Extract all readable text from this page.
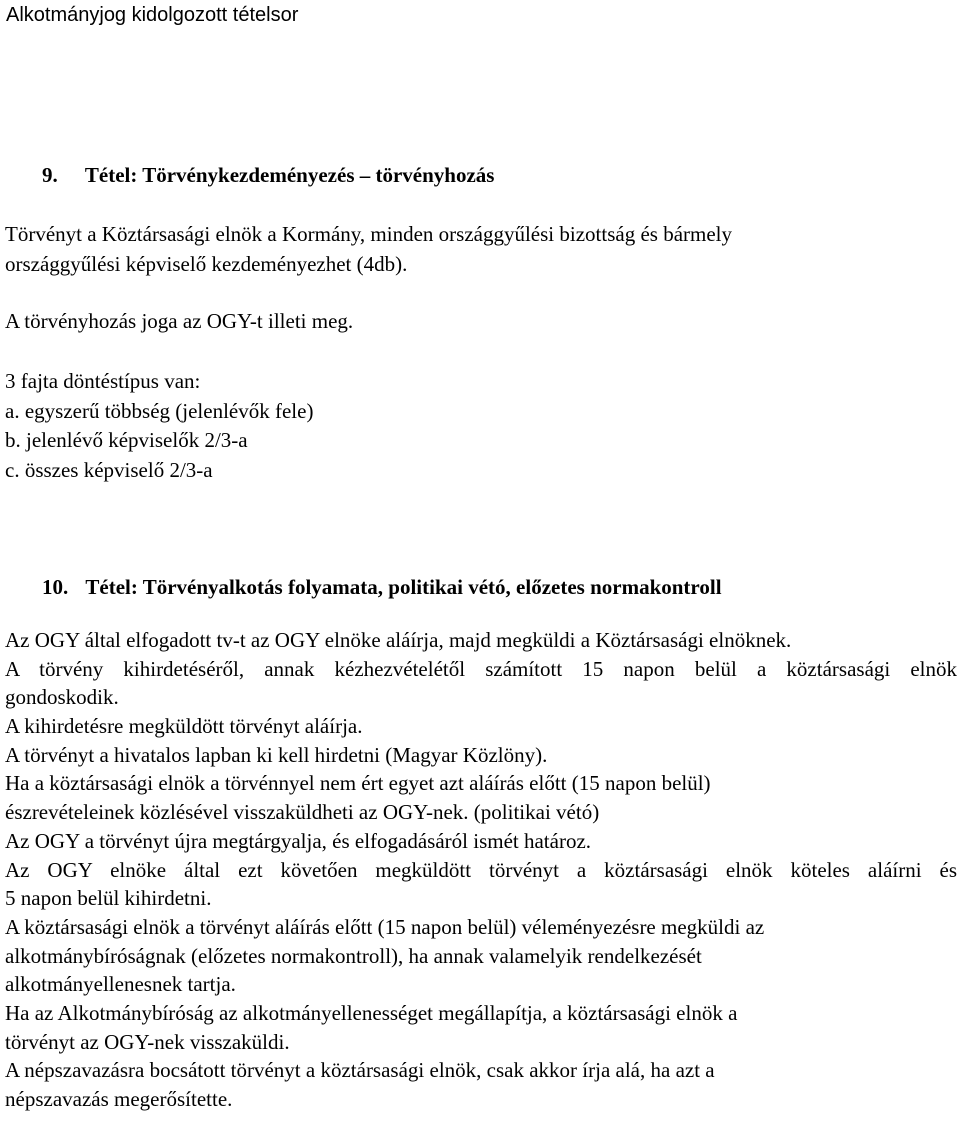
Alkotmányjog kidolgozott tételsor
9. Tétel: Törvénykezdeményezés – törvényhozás
Törvényt a Köztársasági elnök a Kormány, minden országgyűlési bizottság és bármely
országgyűlési képviselő kezdeményezhet (4db).
A törvényhozás joga az OGY-t illeti meg.
3 fajta döntéstípus van:
a. egyszerű többség (jelenlévők fele)
b. jelenlévő képviselők 2/3-a
c. összes képviselő 2/3-a
10. Tétel: Törvényalkotás folyamata, politikai vétó, előzetes normakontroll
Az OGY által elfogadott tv-t az OGY elnöke aláírja, majd megküldi a Köztársasági elnöknek.
A törvény kihirdetéséről, annak kézhezvételétől számított 15 napon belül a köztársasági elnök
gondoskodik.
A kihirdetésre megküldött törvényt aláírja.
A törvényt a hivatalos lapban ki kell hirdetni (Magyar Közlöny).
Ha a köztársasági elnök a törvénnyel nem ért egyet azt aláírás előtt (15 napon belül)
észrevételeinek közlésével visszaküldheti az OGY-nek. (politikai vétó)
Az OGY a törvényt újra megtárgyalja, és elfogadásáról ismét határoz.
Az OGY elnöke által ezt követően megküldött törvényt a köztársasági elnök köteles aláírni és
5 napon belül kihirdetni.
A köztársasági elnök a törvényt aláírás előtt (15 napon belül) véleményezésre megküldi az
alkotmánybíróságnak (előzetes normakontroll), ha annak valamelyik rendelkezését
alkotmányellenesnek tartja.
Ha az Alkotmánybíróság az alkotmányellenességet megállapítja, a köztársasági elnök a
törvényt az OGY-nek visszaküldi.
A népszavazásra bocsátott törvényt a köztársasági elnök, csak akkor írja alá, ha azt a
népszavazás megerősítette.
